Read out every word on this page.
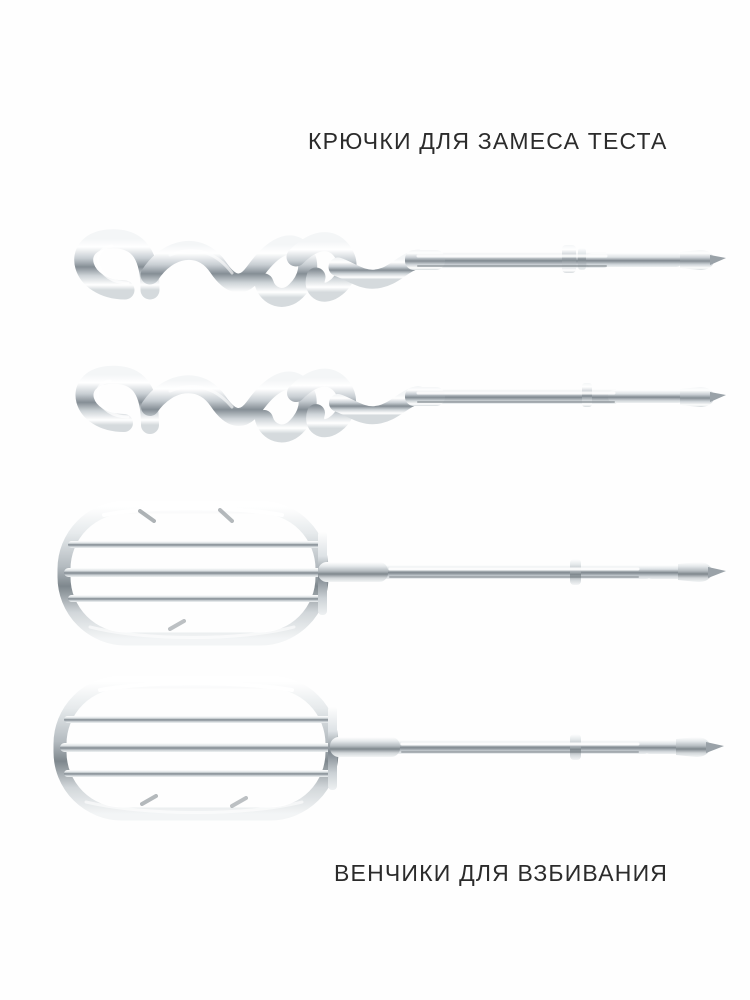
КРЮЧКИ ДЛЯ ЗАМЕСА ТЕСТА
ВЕНЧИКИ ДЛЯ ВЗБИВАНИЯ
